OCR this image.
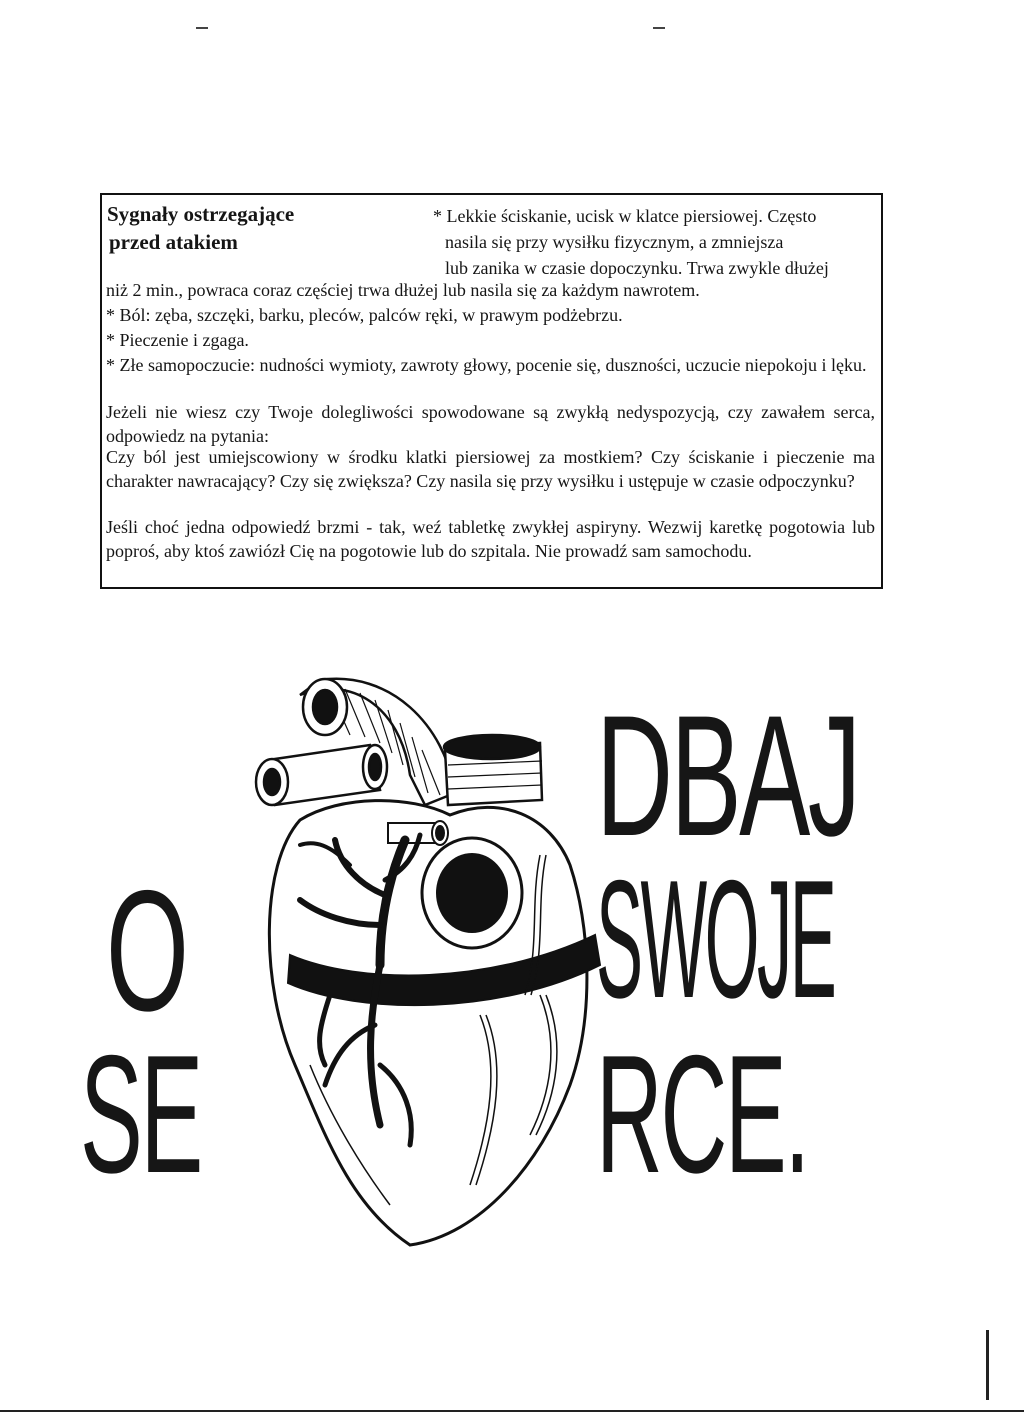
Sygnały ostrzegające
przed atakiem
* Lekkie ściskanie, ucisk w klatce piersiowej. Często
nasila się przy wysiłku fizycznym, a zmniejsza
lub zanika w czasie dopoczynku. Trwa zwykle dłużej
niż 2 min., powraca coraz częściej trwa dłużej lub nasila się za każdym nawrotem.
* Ból: zęba, szczęki, barku, pleców, palców ręki, w prawym podżebrzu.
* Pieczenie i zgaga.
* Złe samopoczucie: nudności wymioty, zawroty głowy, pocenie się, duszności, uczucie niepokoju i lęku.
Jeżeli nie wiesz czy Twoje dolegliwości spowodowane są zwykłą nedyspozycją, czy zawałem serca, odpowiedz na pytania:
Czy ból jest umiejscowiony w środku klatki piersiowej za mostkiem? Czy ściskanie i pieczenie ma charakter nawracający? Czy się zwiększa? Czy nasila się przy wysiłku i ustępuje w czasie odpoczynku?
Jeśli choć jedna odpowiedź brzmi - tak, weź tabletkę zwykłej aspiryny. Wezwij karetkę pogotowia lub poproś, aby ktoś zawiózł Cię na pogotowie lub do szpitala. Nie prowadź sam samochodu.
DBAJ
O SWOJE
SE RCE.
